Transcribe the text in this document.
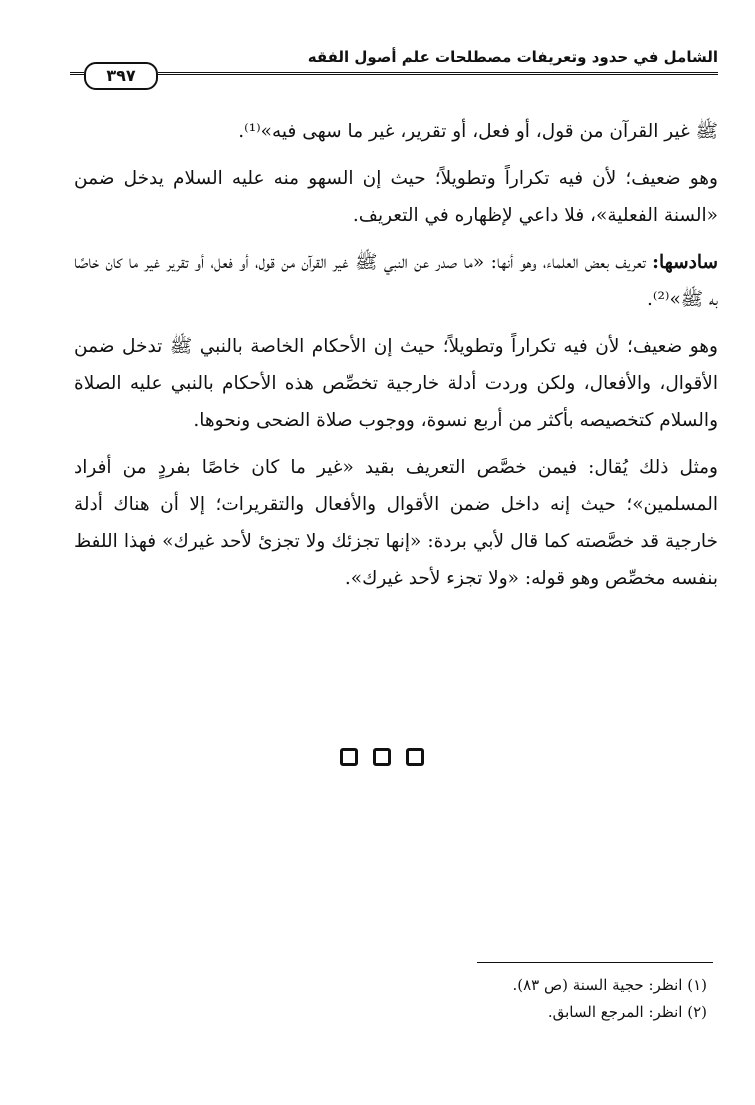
الشامل في حدود وتعريفات مصطلحات علم أصول الفقه
٣٩٧

ﷺ غير القرآن من قول، أو فعل، أو تقرير، غير ما سهى فيه»⁽¹⁾.

وهو ضعيف؛ لأن فيه تكراراً وتطويلاً؛ حيث إن السهو منه عليه السلام يدخل ضمن «السنة الفعلية»، فلا داعي لإظهاره في التعريف.

سادسها: تعريف بعض العلماء، وهو أنها: «ما صدر عن النبي ﷺ غير القرآن من قول، أو فعل، أو تقرير غير ما كان خاصًا به ﷺ»⁽²⁾.

وهو ضعيف؛ لأن فيه تكراراً وتطويلاً؛ حيث إن الأحكام الخاصة بالنبي ﷺ تدخل ضمن الأقوال، والأفعال، ولكن وردت أدلة خارجية تخصِّص هذه الأحكام بالنبي عليه الصلاة والسلام كتخصيصه بأكثر من أربع نسوة، ووجوب صلاة الضحى ونحوها.

ومثل ذلك يُقال: فيمن خصَّص التعريف بقيد «غير ما كان خاصًا بفردٍ من أفراد المسلمين»؛ حيث إنه داخل ضمن الأقوال والأفعال والتقريرات؛ إلا أن هناك أدلة خارجية قد خصَّصته كما قال لأبي بردة: «إنها تجزئك ولا تجزئ لأحد غيرك» فهذا اللفظ بنفسه مخصِّص وهو قوله: «ولا تجزء لأحد غيرك».

(١) انظر: حجية السنة (ص ٨٣).
(٢) انظر: المرجع السابق.
